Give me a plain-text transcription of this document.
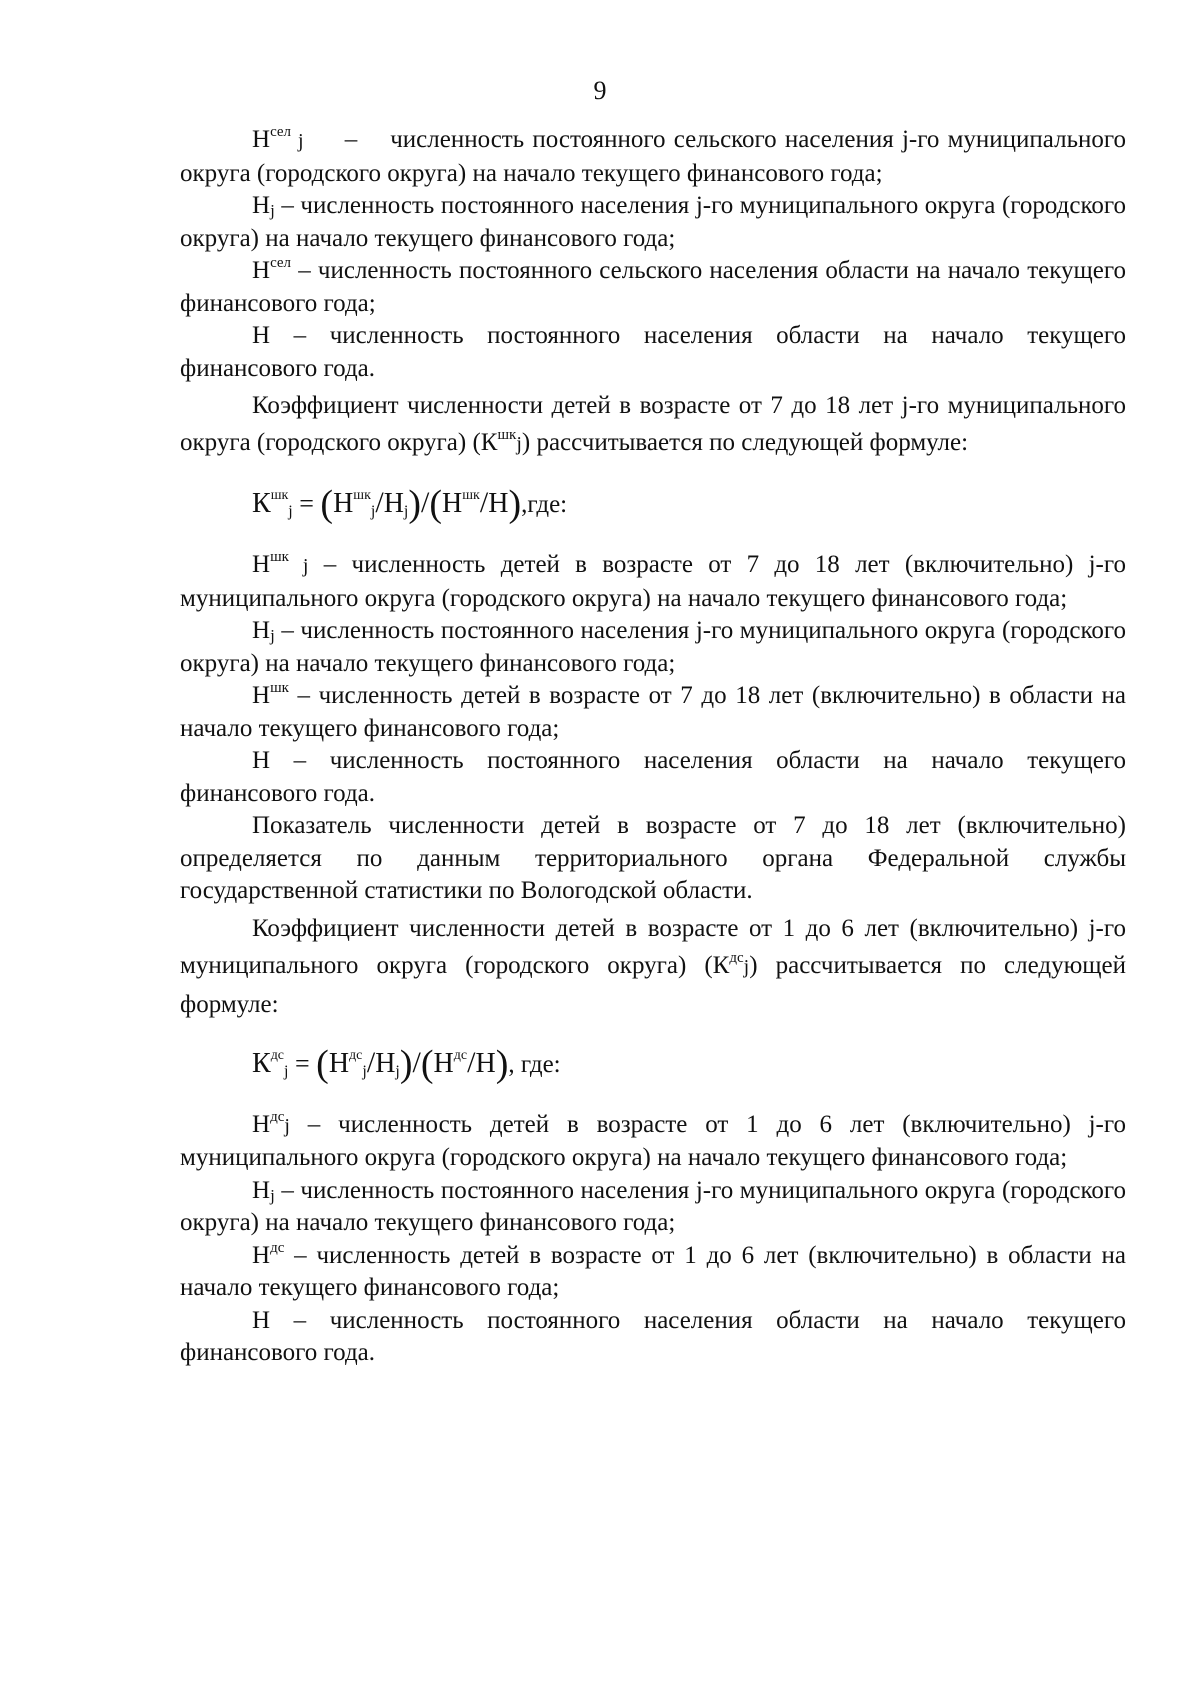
9

$Н^{сел}$ j – численность постоянного сельского населения j-го муниципального округа (городского округа) на начало текущего финансового года;

$Н_j$ – численность постоянного населения j-го муниципального округа (городского округа) на начало текущего финансового года;

$Н^{сел}$ – численность постоянного сельского населения области на начало текущего финансового года;

Н – численность постоянного населения области на начало текущего финансового года.

Коэффициент численности детей в возрасте от 7 до 18 лет j-го муниципального округа (городского округа) $(К^{шк}j)$ рассчитывается по следующей формуле:

$К^{шк}_j = (Н^{шк}_j/Н_j)/(Н^{шк}/Н),где$:

$Н^{шк}$ j – численность детей в возрасте от 7 до 18 лет (включительно) j-го муниципального округа (городского округа) на начало текущего финансового года;

$Н_j$ – численность постоянного населения j-го муниципального округа (городского округа) на начало текущего финансового года;

$Н^{шк}$ – численность детей в возрасте от 7 до 18 лет (включительно) в области на начало текущего финансового года;

Н – численность постоянного населения области на начало текущего финансового года.

Показатель численности детей в возрасте от 7 до 18 лет (включительно) определяется по данным территориального органа Федеральной службы государственной статистики по Вологодской области.

Коэффициент численности детей в возрасте от 1 до 6 лет (включительно) j-го муниципального округа (городского округа) $(К^{дс}j)$ рассчитывается по следующей формуле:

$К^{дс}_j = (Н^{дс}_j/Н_j)/(Н^{дс}/Н)$, где:

$Н^{дс}j$ – численность детей в возрасте от 1 до 6 лет (включительно) j-го муниципального округа (городского округа) на начало текущего финансового года;

$Н_j$ – численность постоянного населения j-го муниципального округа (городского округа) на начало текущего финансового года;

$Н^{дс}$ – численность детей в возрасте от 1 до 6 лет (включительно) в области на начало текущего финансового года;

Н – численность постоянного населения области на начало текущего финансового года.
